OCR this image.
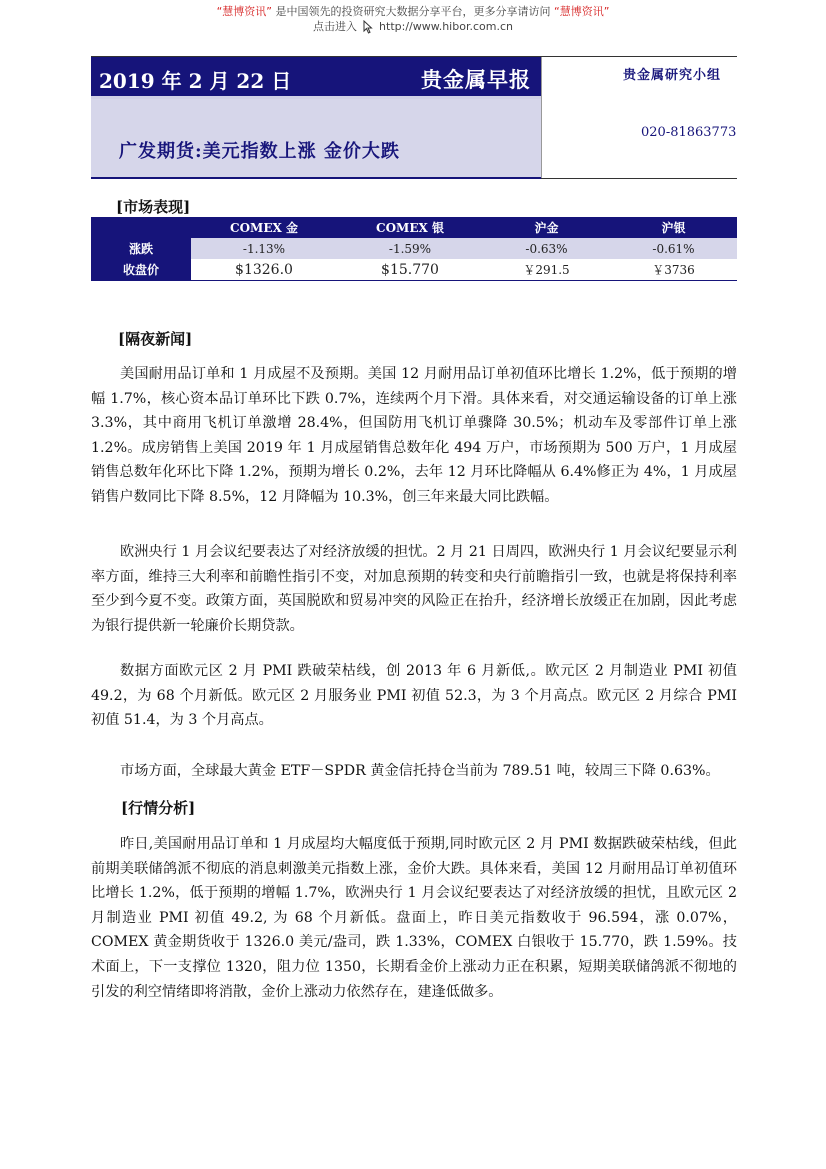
“慧博资讯” 是中国领先的投资研究大数据分享平台，更多分享请访问 “慧博资讯”
点击进入 http://www.hibor.com.cn
2019 年 2 月 22 日	贵金属早报
广发期货:美元指数上涨 金价大跌
贵金属研究小组
020-81863773
[市场表现]
	COMEX 金	COMEX 银	沪金	沪银
涨跌	-1.13%	-1.59%	-0.63%	-0.61%
收盘价	$1326.0	$15.770	￥291.5	￥3736
[隔夜新闻]

美国耐用品订单和 1 月成屋不及预期。美国 12 月耐用品订单初值环比增长 1.2%，低于预期的增幅 1.7%，核心资本品订单环比下跌 0.7%，连续两个月下滑。具体来看，对交通运输设备的订单上涨 3.3%，其中商用飞机订单激增 28.4%，但国防用飞机订单骤降 30.5%；机动车及零部件订单上涨 1.2%。成房销售上美国 2019 年 1 月成屋销售总数年化 494 万户，市场预期为 500 万户，1 月成屋销售总数年化环比下降 1.2%，预期为增长 0.2%，去年 12 月环比降幅从 6.4%修正为 4%，1 月成屋销售户数同比下降 8.5%，12 月降幅为 10.3%，创三年来最大同比跌幅。

欧洲央行 1 月会议纪要表达了对经济放缓的担忧。2 月 21 日周四，欧洲央行 1 月会议纪要显示利率方面，维持三大利率和前瞻性指引不变，对加息预期的转变和央行前瞻指引一致，也就是将保持利率至少到今夏不变。政策方面，英国脱欧和贸易冲突的风险正在抬升，经济增长放缓正在加剧，因此考虑为银行提供新一轮廉价长期贷款。

数据方面欧元区 2 月 PMI 跌破荣枯线，创 2013 年 6 月新低,。欧元区 2 月制造业 PMI 初值 49.2，为 68 个月新低。欧元区 2 月服务业 PMI 初值 52.3，为 3 个月高点。欧元区 2 月综合 PMI 初值 51.4，为 3 个月高点。

市场方面，全球最大黄金 ETF－SPDR 黄金信托持仓当前为 789.51 吨，较周三下降 0.63%。

[行情分析]

昨日,美国耐用品订单和 1 月成屋均大幅度低于预期,同时欧元区 2 月 PMI 数据跌破荣枯线，但此前期美联储鸽派不彻底的消息刺激美元指数上涨，金价大跌。具体来看，美国 12 月耐用品订单初值环比增长 1.2%，低于预期的增幅 1.7%，欧洲央行 1 月会议纪要表达了对经济放缓的担忧，且欧元区 2 月制造业 PMI 初值 49.2, 为 68 个月新低。盘面上，昨日美元指数收于 96.594，涨 0.07%，COMEX 黄金期货收于 1326.0 美元/盎司，跌 1.33%，COMEX 白银收于 15.770，跌 1.59%。技术面上，下一支撑位 1320，阻力位 1350，长期看金价上涨动力正在积累，短期美联储鸽派不彻地的引发的利空情绪即将消散，金价上涨动力依然存在，建逢低做多。
